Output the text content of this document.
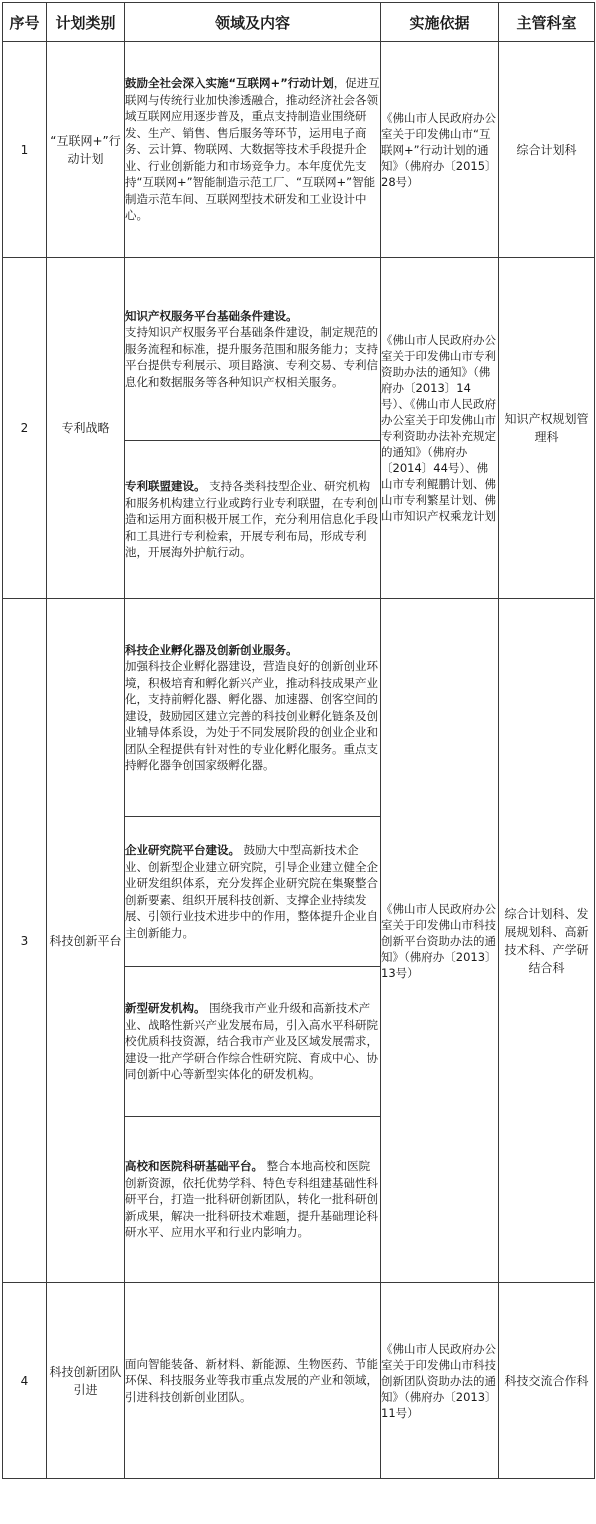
序号	计划类别	领域及内容	实施依据	主管科室
1	“互联网+”行动计划	鼓励全社会深入实施“互联网+”行动计划，促进互联网与传统行业加快渗透融合，推动经济社会各领域互联网应用逐步普及，重点支持制造业围绕研发、生产、销售、售后服务等环节，运用电子商务、云计算、物联网、大数据等技术手段提升企业、行业创新能力和市场竞争力。本年度优先支持“互联网+”智能制造示范工厂、“互联网+”智能制造示范车间、互联网型技术研发和工业设计中心。	《佛山市人民政府办公室关于印发佛山市“互联网+”行动计划的通知》（佛府办〔2015〕28号）	综合计划科
2	专利战略	知识产权服务平台基础条件建设。
支持知识产权服务平台基础条件建设，制定规范的服务流程和标准，提升服务范围和服务能力；支持平台提供专利展示、项目路演、专利交易、专利信息化和数据服务等各种知识产权相关服务。	《佛山市人民政府办公室关于印发佛山市专利资助办法的通知》（佛府办〔2013〕14号）、《佛山市人民政府办公室关于印发佛山市专利资助办法补充规定的通知》（佛府办〔2014〕44号）、佛山市专利鲲鹏计划、佛山市专利繁星计划、佛山市知识产权乘龙计划	知识产权规划管理科
		专利联盟建设。 支持各类科技型企业、研究机构和服务机构建立行业或跨行业专利联盟，在专利创造和运用方面积极开展工作，充分利用信息化手段和工具进行专利检索，开展专利布局，形成专利池，开展海外护航行动。		
3	科技创新平台	科技企业孵化器及创新创业服务。
加强科技企业孵化器建设，营造良好的创新创业环境，积极培育和孵化新兴产业，推动科技成果产业化，支持前孵化器、孵化器、加速器、创客空间的建设，鼓励园区建立完善的科技创业孵化链条及创业辅导体系设，为处于不同发展阶段的创业企业和团队全程提供有针对性的专业化孵化服务。重点支持孵化器争创国家级孵化器。	《佛山市人民政府办公室关于印发佛山市科技创新平台资助办法的通知》（佛府办〔2013〕13号）	综合计划科、发展规划科、高新技术科、产学研结合科
		企业研究院平台建设。 鼓励大中型高新技术企业、创新型企业建立研究院，引导企业建立健全企业研发组织体系，充分发挥企业研究院在集聚整合创新要素、组织开展科技创新、支撑企业持续发展、引领行业技术进步中的作用，整体提升企业自主创新能力。		
		新型研发机构。 围绕我市产业升级和高新技术产业、战略性新兴产业发展布局，引入高水平科研院校优质科技资源，结合我市产业及区域发展需求，建设一批产学研合作综合性研究院、育成中心、协同创新中心等新型实体化的研发机构。		
		高校和医院科研基础平台。 整合本地高校和医院创新资源，依托优势学科、特色专科组建基础性科研平台，打造一批科研创新团队，转化一批科研创新成果，解决一批科研技术难题，提升基础理论科研水平、应用水平和行业内影响力。		
4	科技创新团队引进	面向智能装备、新材料、新能源、生物医药、节能环保、科技服务业等我市重点发展的产业和领域，引进科技创新创业团队。	《佛山市人民政府办公室关于印发佛山市科技创新团队资助办法的通知》（佛府办〔2013〕11号）	科技交流合作科
